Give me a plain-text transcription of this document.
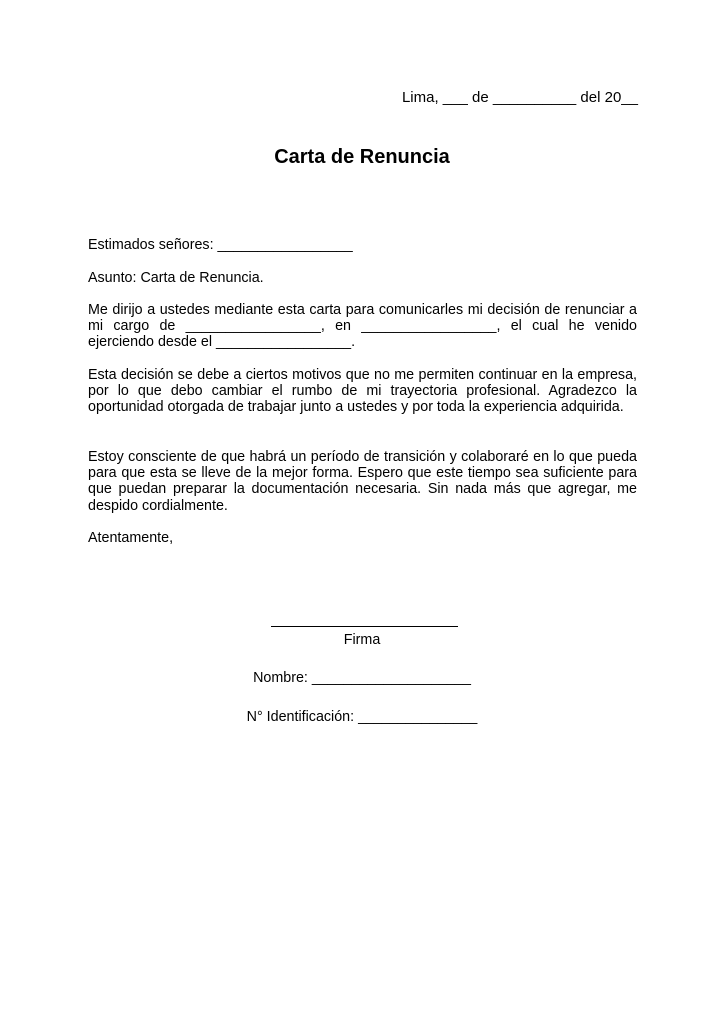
Lima, ___ de __________ del 20__
Carta de Renuncia
Estimados señores: _________________
Asunto: Carta de Renuncia.
Me dirijo a ustedes mediante esta carta para comunicarles mi decisión de renunciar a mi cargo de _________________, en _________________, el cual he venido ejerciendo desde el _________________.
Esta decisión se debe a ciertos motivos que no me permiten continuar en la empresa, por lo que debo cambiar el rumbo de mi trayectoria profesional. Agradezco la oportunidad otorgada de trabajar junto a ustedes y por toda la experiencia adquirida.
Estoy consciente de que habrá un período de transición y colaboraré en lo que pueda para que esta se lleve de la mejor forma. Espero que este tiempo sea suficiente para que puedan preparar la documentación necesaria. Sin nada más que agregar, me despido cordialmente.
Atentamente,
Firma
Nombre: ____________________
N° Identificación: _______________
